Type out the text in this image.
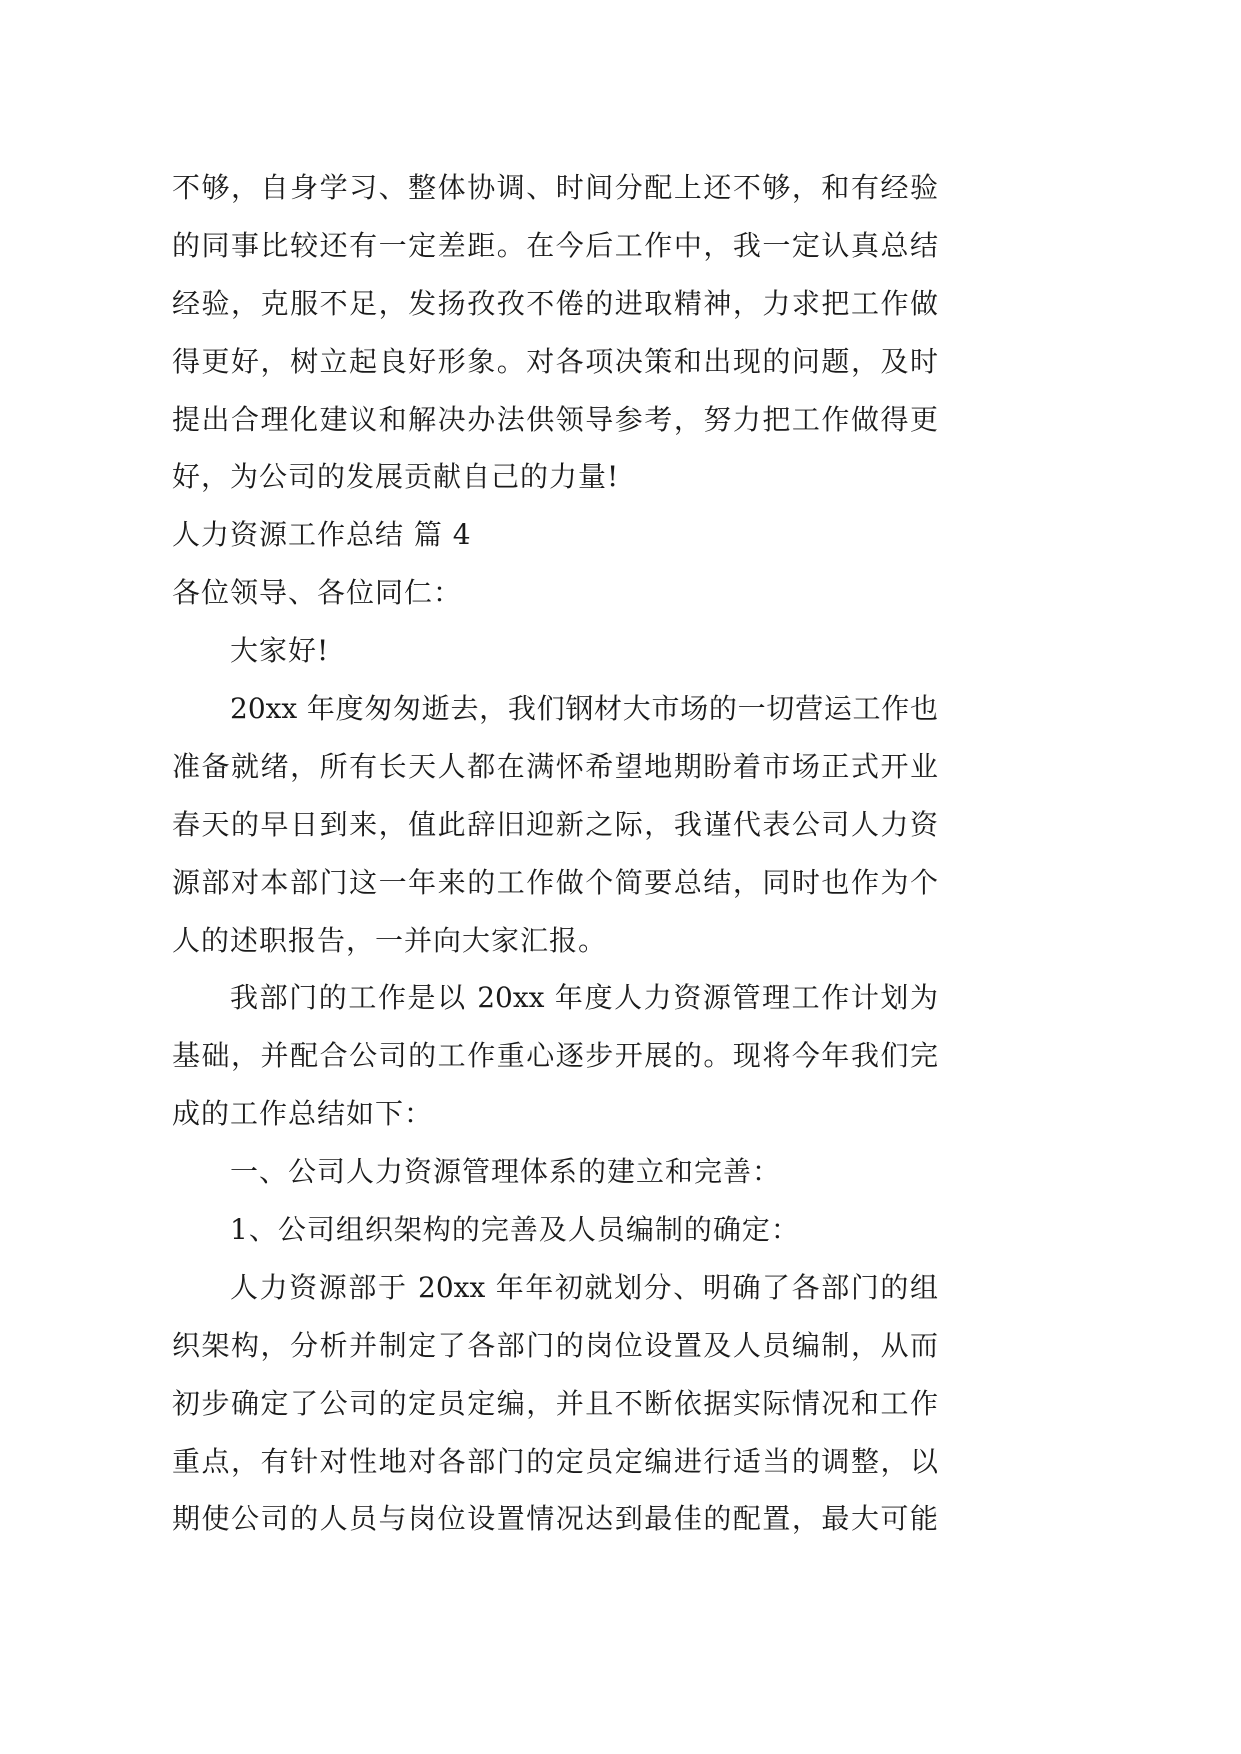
不够，自身学习、整体协调、时间分配上还不够，和有经验
的同事比较还有一定差距。在今后工作中，我一定认真总结
经验，克服不足，发扬孜孜不倦的进取精神，力求把工作做
得更好，树立起良好形象。对各项决策和出现的问题，及时
提出合理化建议和解决办法供领导参考，努力把工作做得更
好，为公司的发展贡献自己的力量!
人力资源工作总结 篇 4
各位领导、各位同仁：
大家好!
20xx 年度匆匆逝去，我们钢材大市场的一切营运工作也
准备就绪，所有长天人都在满怀希望地期盼着市场正式开业
春天的早日到来，值此辞旧迎新之际，我谨代表公司人力资
源部对本部门这一年来的工作做个简要总结，同时也作为个
人的述职报告，一并向大家汇报。
我部门的工作是以 20xx 年度人力资源管理工作计划为
基础，并配合公司的工作重心逐步开展的。现将今年我们完
成的工作总结如下：
一、公司人力资源管理体系的建立和完善：
1、公司组织架构的完善及人员编制的确定：
人力资源部于 20xx 年年初就划分、明确了各部门的组
织架构，分析并制定了各部门的岗位设置及人员编制，从而
初步确定了公司的定员定编，并且不断依据实际情况和工作
重点，有针对性地对各部门的定员定编进行适当的调整，以
期使公司的人员与岗位设置情况达到最佳的配置，最大可能
